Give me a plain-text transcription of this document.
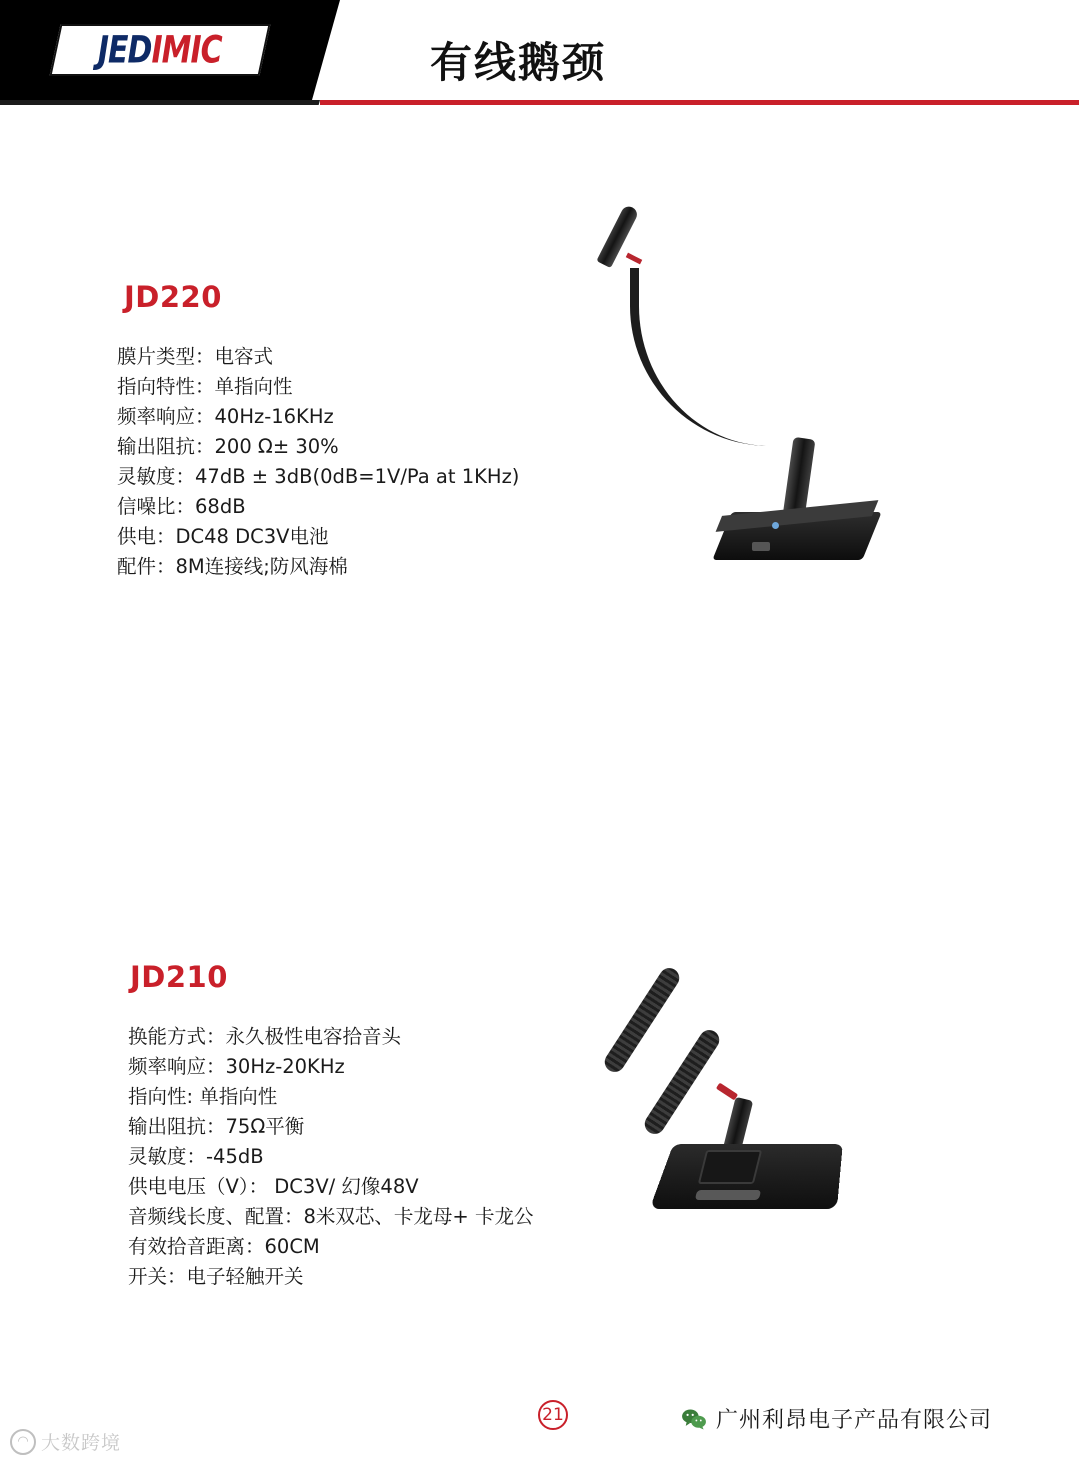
JEDIMIC	有线鹅颈
JD220
膜片类型：电容式
指向特性：单指向性
频率响应：40Hz-16KHz
输出阻抗：200 Ω± 30%
灵敏度：47dB ± 3dB(0dB=1V/Pa at 1KHz)
信噪比：68dB
供电：DC48 DC3V电池
配件：8M连接线;防风海棉
JD210
换能方式：永久极性电容拾音头
频率响应：30Hz-20KHz
指向性: 单指向性
输出阻抗：75Ω平衡
灵敏度：-45dB
供电电压（V）： DC3V/ 幻像48V
音频线长度、配置：8米双芯、卡龙母+ 卡龙公
有效拾音距离：60CM
开关：电子轻触开关
21	广州利昂电子产品有限公司
◠ 大数跨境
